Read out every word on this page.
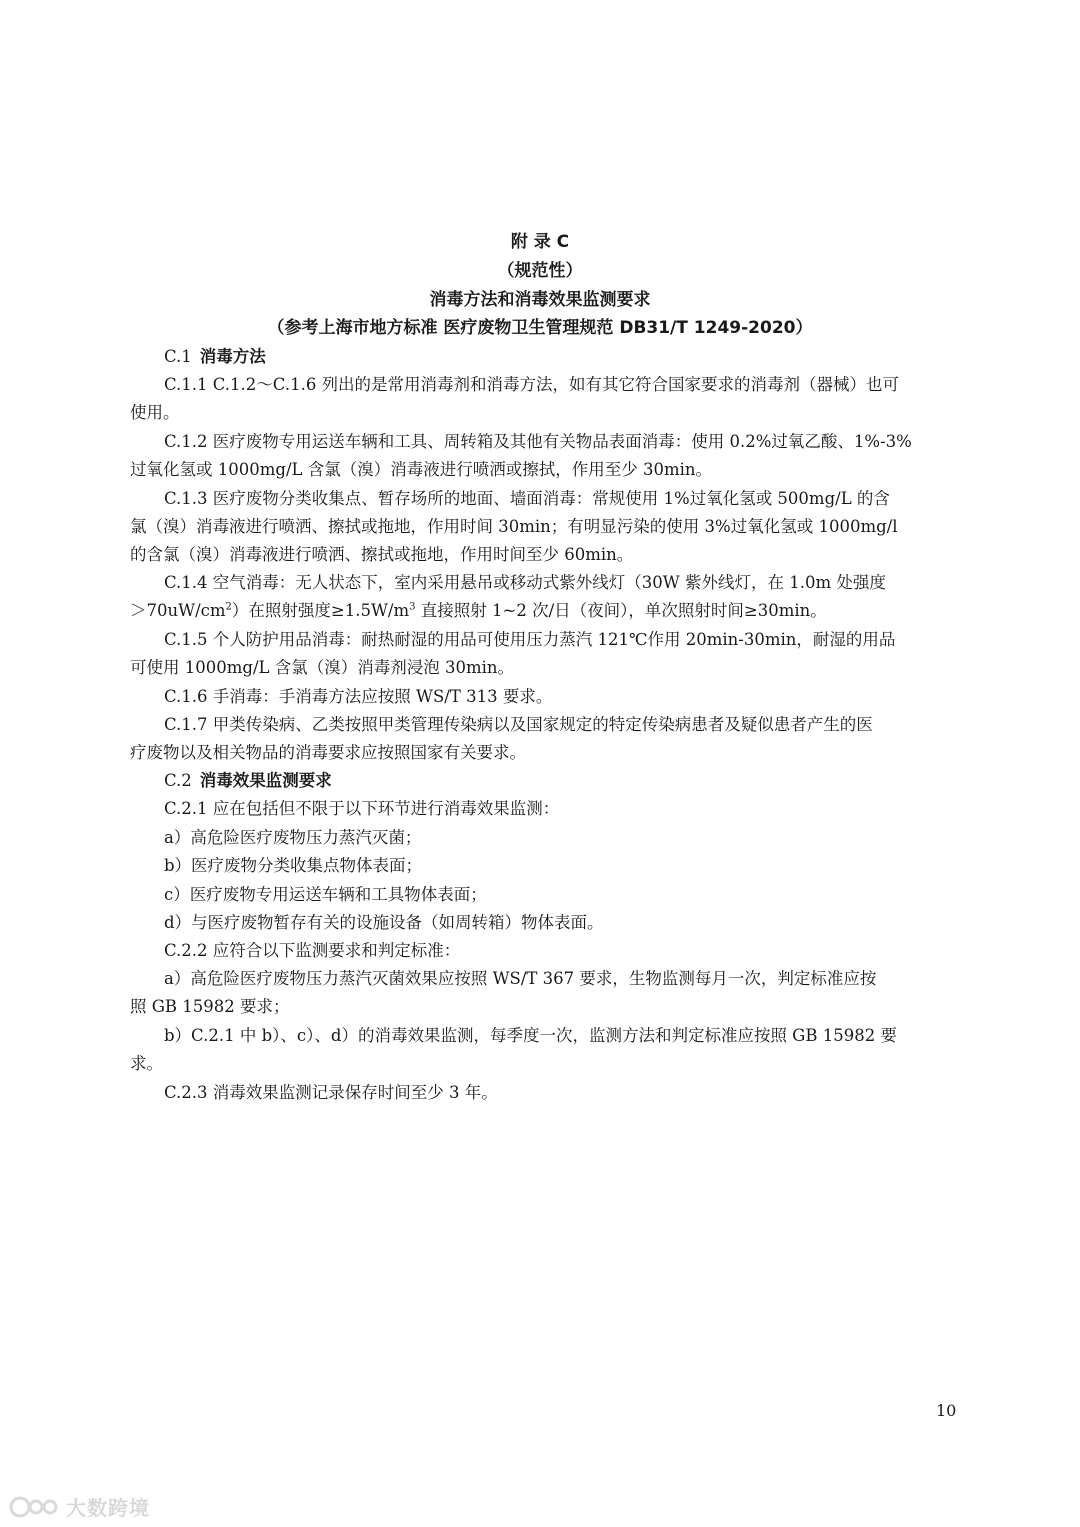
附 录 C
（规范性）
消毒方法和消毒效果监测要求
（参考上海市地方标准 医疗废物卫生管理规范 DB31/T 1249-2020）
C.1 消毒方法
C.1.1 C.1.2～C.1.6 列出的是常用消毒剂和消毒方法，如有其它符合国家要求的消毒剂（器械）也可
使用。
C.1.2 医疗废物专用运送车辆和工具、周转箱及其他有关物品表面消毒：使用 0.2%过氧乙酸、1%-3%
过氧化氢或 1000mg/L 含氯（溴）消毒液进行喷洒或擦拭，作用至少 30min。
C.1.3 医疗废物分类收集点、暂存场所的地面、墙面消毒：常规使用 1%过氧化氢或 500mg/L 的含
氯（溴）消毒液进行喷洒、擦拭或拖地，作用时间 30min；有明显污染的使用 3%过氧化氢或 1000mg/l
的含氯（溴）消毒液进行喷洒、擦拭或拖地，作用时间至少 60min。
C.1.4 空气消毒：无人状态下，室内采用悬吊或移动式紫外线灯（30W 紫外线灯，在 1.0m 处强度
$>70uW/cm^2$）在照射强度$\ge 1.5W/m^3$ 直接照射 1~2 次/日（夜间），单次照射时间≥30min。
C.1.5 个人防护用品消毒：耐热耐湿的用品可使用压力蒸汽 121℃作用 20min-30min，耐湿的用品
可使用 1000mg/L 含氯（溴）消毒剂浸泡 30min。
C.1.6 手消毒：手消毒方法应按照 WS/T 313 要求。
C.1.7 甲类传染病、乙类按照甲类管理传染病以及国家规定的特定传染病患者及疑似患者产生的医
疗废物以及相关物品的消毒要求应按照国家有关要求。
C.2 消毒效果监测要求
C.2.1 应在包括但不限于以下环节进行消毒效果监测：
a）高危险医疗废物压力蒸汽灭菌；
b）医疗废物分类收集点物体表面；
c）医疗废物专用运送车辆和工具物体表面；
d）与医疗废物暂存有关的设施设备（如周转箱）物体表面。
C.2.2 应符合以下监测要求和判定标准：
a）高危险医疗废物压力蒸汽灭菌效果应按照 WS/T 367 要求，生物监测每月一次，判定标准应按
照 GB 15982 要求；
b）C.2.1 中 b）、c）、d）的消毒效果监测，每季度一次，监测方法和判定标准应按照 GB 15982 要
求。
C.2.3 消毒效果监测记录保存时间至少 3 年。
10
大数跨境
